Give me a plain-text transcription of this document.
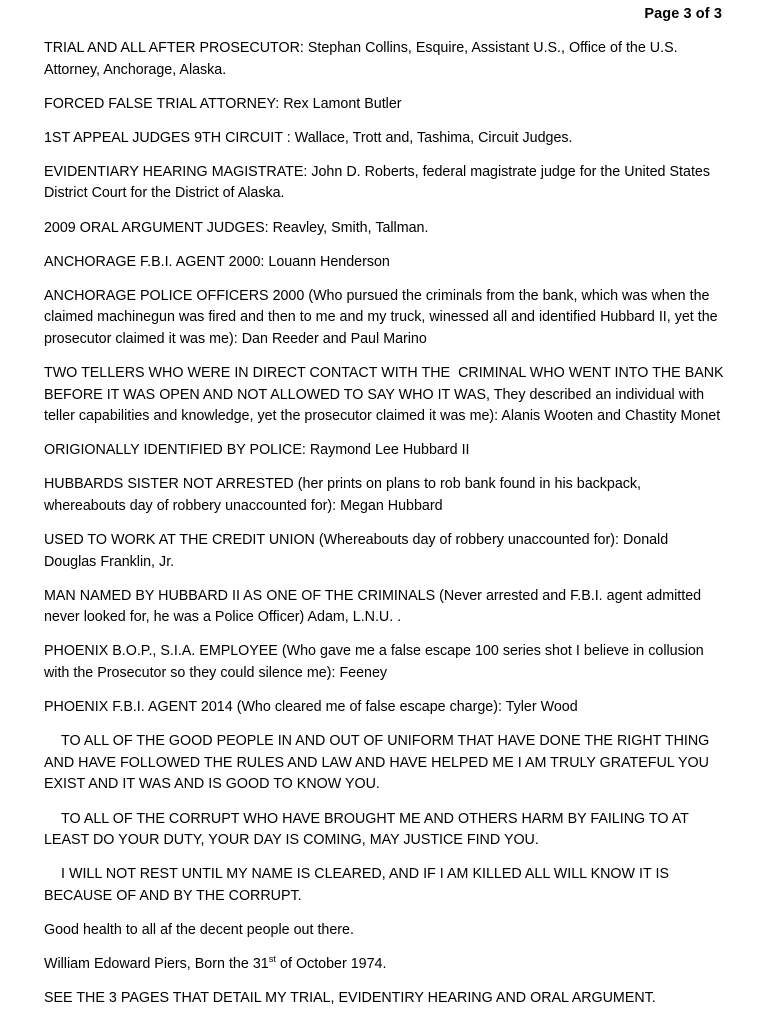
Page 3 of 3

TRIAL AND ALL AFTER PROSECUTOR: Stephan Collins, Esquire, Assistant U.S., Office of the U.S. Attorney, Anchorage, Alaska.

FORCED FALSE TRIAL ATTORNEY: Rex Lamont Butler

1ST APPEAL JUDGES 9TH CIRCUIT : Wallace, Trott and, Tashima, Circuit Judges.

EVIDENTIARY HEARING MAGISTRATE: John D. Roberts, federal magistrate judge for the United States District Court for the District of Alaska.

2009 ORAL ARGUMENT JUDGES: Reavley, Smith, Tallman.

ANCHORAGE F.B.I. AGENT 2000: Louann Henderson

ANCHORAGE POLICE OFFICERS 2000 (Who pursued the criminals from the bank, which was when the claimed machinegun was fired and then to me and my truck, winessed all and identified Hubbard II, yet the prosecutor claimed it was me): Dan Reeder and Paul Marino

TWO TELLERS WHO WERE IN DIRECT CONTACT WITH THE  CRIMINAL WHO WENT INTO THE BANK BEFORE IT WAS OPEN AND NOT ALLOWED TO SAY WHO IT WAS, They described an individual with teller capabilities and knowledge, yet the prosecutor claimed it was me): Alanis Wooten and Chastity Monet

ORIGIONALLY IDENTIFIED BY POLICE: Raymond Lee Hubbard II

HUBBARDS SISTER NOT ARRESTED (her prints on plans to rob bank found in his backpack, whereabouts day of robbery unaccounted for): Megan Hubbard

USED TO WORK AT THE CREDIT UNION (Whereabouts day of robbery unaccounted for): Donald Douglas Franklin, Jr.

MAN NAMED BY HUBBARD II AS ONE OF THE CRIMINALS (Never arrested and F.B.I. agent admitted never looked for, he was a Police Officer) Adam, L.N.U. .

PHOENIX B.O.P., S.I.A. EMPLOYEE (Who gave me a false escape 100 series shot I believe in collusion with the Prosecutor so they could silence me): Feeney

PHOENIX F.B.I. AGENT 2014 (Who cleared me of false escape charge): Tyler Wood

TO ALL OF THE GOOD PEOPLE IN AND OUT OF UNIFORM THAT HAVE DONE THE RIGHT THING AND HAVE FOLLOWED THE RULES AND LAW AND HAVE HELPED ME I AM TRULY GRATEFUL YOU EXIST AND IT WAS AND IS GOOD TO KNOW YOU.

TO ALL OF THE CORRUPT WHO HAVE BROUGHT ME AND OTHERS HARM BY FAILING TO AT LEAST DO YOUR DUTY, YOUR DAY IS COMING, MAY JUSTICE FIND YOU.

I WILL NOT REST UNTIL MY NAME IS CLEARED, AND IF I AM KILLED ALL WILL KNOW IT IS BECAUSE OF AND BY THE CORRUPT.

Good health to all af the decent people out there.

William Edoward Piers, Born the 31st of October 1974.

SEE THE 3 PAGES THAT DETAIL MY TRIAL, EVIDENTIRY HEARING AND ORAL ARGUMENT.
